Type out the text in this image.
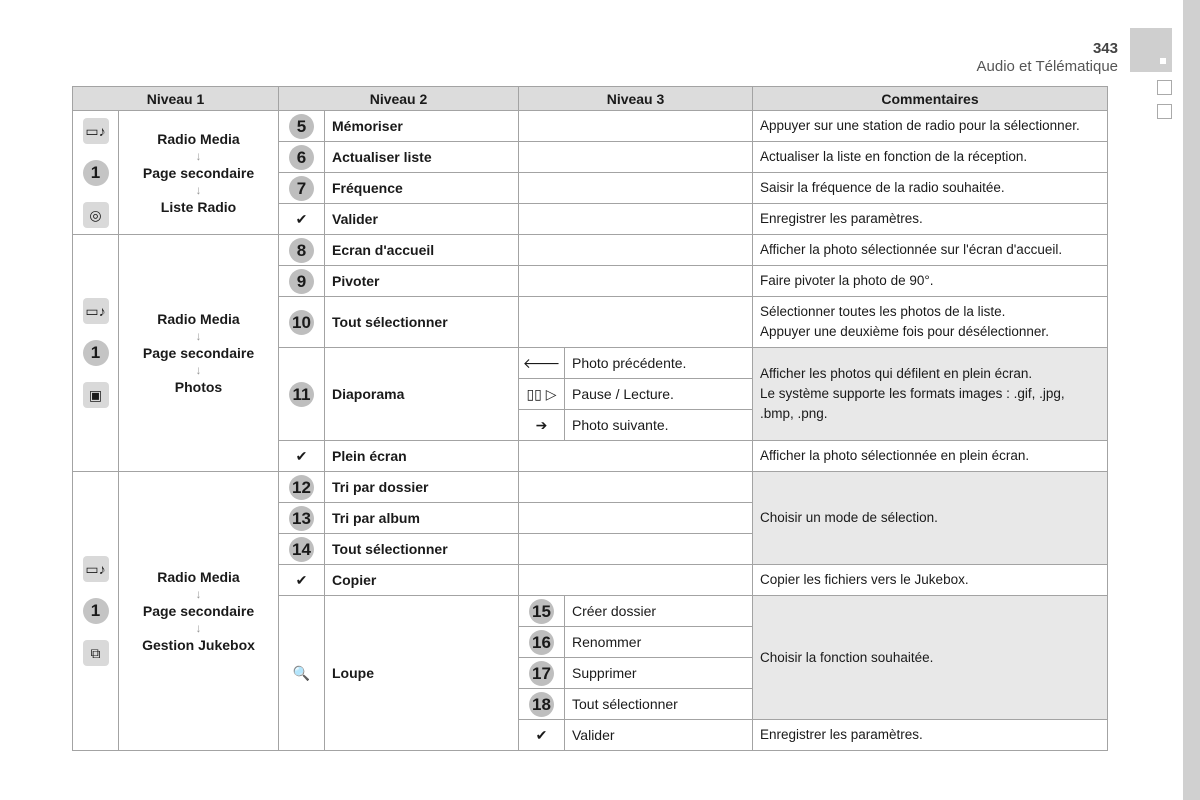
343
Audio et Télématique
Niveau 1		Niveau 2		Niveau 3		Commentaires

▭♪
1
◎	Radio Media
↓
Page secondaire
↓
Liste Radio	5	Mémoriser			Appuyer sur une station de radio pour la sélectionner.
		6	Actualiser liste			Actualiser la liste en fonction de la réception.
		7	Fréquence			Saisir la fréquence de la radio souhaitée.
		✔	Valider			Enregistrer les paramètres.

▭♪
1
▣	Radio Media
↓
Page secondaire
↓
Photos	8	Ecran d'accueil			Afficher la photo sélectionnée sur l'écran d'accueil.
		9	Pivoter			Faire pivoter la photo de 90°.
		10	Tout sélectionner			Sélectionner toutes les photos de la liste.
Appuyer une deuxième fois pour désélectionner.
		11	Diaporama	🡐	Photo précédente.	Afficher les photos qui défilent en plein écran.
Le système supporte les formats images : .gif, .jpg, .bmp, .png.
				▯▯ ▷	Pause / Lecture.	
				➔	Photo suivante.	
		✔	Plein écran			Afficher la photo sélectionnée en plein écran.

▭♪
1
⧉	Radio Media
↓
Page secondaire
↓
Gestion Jukebox	12	Tri par dossier			Choisir un mode de sélection.
		13	Tri par album			
		14	Tout sélectionner			
		✔	Copier			Copier les fichiers vers le Jukebox.
		🔍	Loupe	15	Créer dossier	Choisir la fonction souhaitée.
				16	Renommer	
				17	Supprimer	
				18	Tout sélectionner	
				✔	Valider	Enregistrer les paramètres.
